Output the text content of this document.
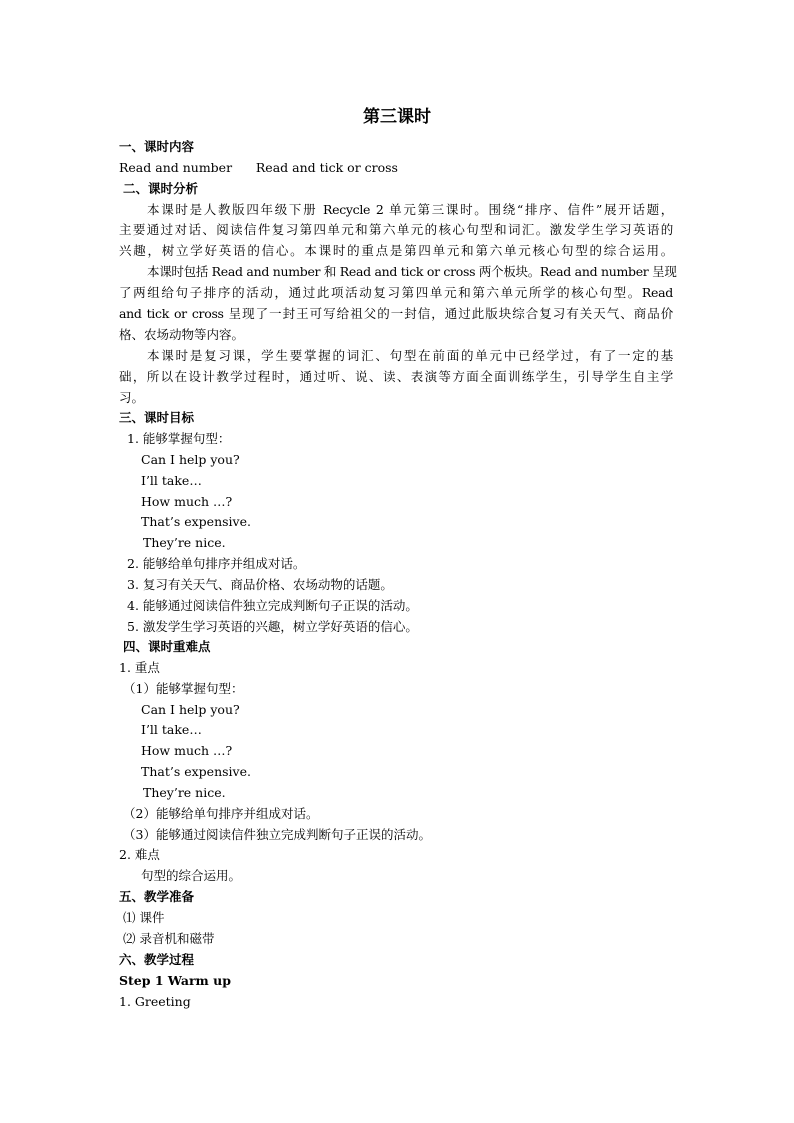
第三课时
一、课时内容
Read and number      Read and tick or cross
二、课时分析
本课时是人教版四年级下册 Recycle 2 单元第三课时。围绕“排序、信件”展开话题，
主要通过对话、阅读信件复习第四单元和第六单元的核心句型和词汇。激发学生学习英语的
兴趣，树立学好英语的信心。本课时的重点是第四单元和第六单元核心句型的综合运用。
本课时包括 Read and number 和 Read and tick or cross 两个板块。Read and number 呈现
了两组给句子排序的活动，通过此项活动复习第四单元和第六单元所学的核心句型。Read
and tick or cross 呈现了一封王可写给祖父的一封信，通过此版块综合复习有关天气、商品价
格、农场动物等内容。
本课时是复习课，学生要掌握的词汇、句型在前面的单元中已经学过，有了一定的基
础，所以在设计教学过程时，通过听、说、读、表演等方面全面训练学生，引导学生自主学
习。
三、课时目标
1. 能够掌握句型：
Can I help you?
I’ll take…
How much …?
That’s expensive.
They’re nice.
2. 能够给单句排序并组成对话。
3. 复习有关天气、商品价格、农场动物的话题。
4. 能够通过阅读信件独立完成判断句子正误的活动。
5. 激发学生学习英语的兴趣，树立学好英语的信心。
四、课时重难点
1. 重点
（1）能够掌握句型：
Can I help you?
I’ll take…
How much …?
That’s expensive.
They’re nice.
（2）能够给单句排序并组成对话。
（3）能够通过阅读信件独立完成判断句子正误的活动。
2. 难点
句型的综合运用。
五、教学准备
⑴ 课件
⑵ 录音机和磁带
六、教学过程
Step 1 Warm up
1. Greeting
